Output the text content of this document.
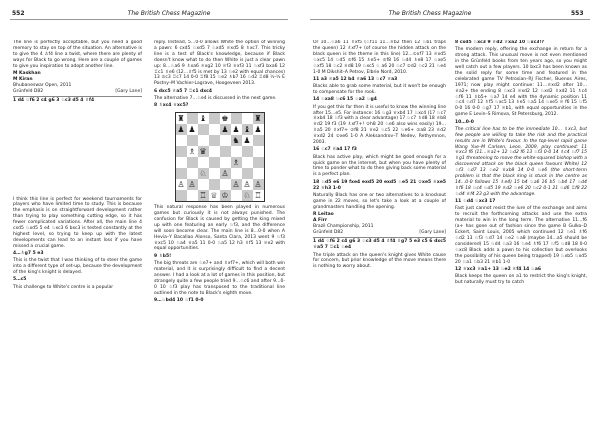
552	The British Chess Magazine	The British Chess Magazine	553

The line is perfectly acceptable, but you need a good memory to stay on top of the situation. An alternative is to give the 4 ♙f4 line a twist, where there are plenty of ways for Black to go wrong. Here are a couple of games to give you inspiration to adopt another line.

M Kaskhan
M Kiran
Bhubaneswar Open, 2011
Grünfeld D82	[Gary Lane]

1 d4 ♘f6 2 c4 g6 3 ♘c3 d5 4 ♗f4

I think this line is perfect for weekend tournaments for players who have limited time to study. This is because the emphasis is on straightforward development rather than trying to play something cutting edge, so it has fewer complicated variations. After all, the main line 4 cxd5 ♘xd5 5 e4 ♘xc3 6 bxc3 is tested constantly at the highest level, so trying to keep up with the latest developments can lead to an instant loss if you have missed a crucial game.

4…♗g7 5 e3

This is the twist that I was thinking of to steer the game into a different type of set-up, because the development of the king's knight is delayed.

5…c5

This challenge to White's centre is a popular

reply. Instead, 5…0-0 allows White the option of winning a pawn: 6 cxd5 ♘xd5 7 ♘xd5 ♕xd5 8 ♗xc7. This tricky line is a test of Black's knowledge, because if Black doesn't know what to do then White is just a clear pawn up: 8…♘a6 9 ♗xa6 ♕xg2 10 ♕f3 ♕xf3 11 ♘xf3 bxa6 12 ♖c1 ♗e6 (12…♗f5 is met by 13 ♘e2 with equal chances) 13 ♔c3 ♖c7 14 0-0 ♖f8 15 ♘e2 ♗b7 16 ♘d2 ♖d8 ½-½ E Postny–M Vachier-Lagrave, Hoogeveen 2013.

6 dxc5 ♕a5 7 ♖c1 dxc4

The alternative 7…♘e4 is discussed in the next game.

8 ♗xc4 ♕xc5?

♜ ♝ ♚	♜
♟ ♟	♟ ♟ ♝ ♟
♞ ♟
♗ ♛
♗
♘ ♙
♙ ♙	♙ ♙ ♙
♖ ♕ ♔ ♘ ♖

This natural response has been played in numerous games but curiously it is not always punished. The confusion for Black is caused by getting the king mixed up with one featuring an early ♘f3, and the difference will soon become clear. The main line is 8…0-0 when A Hevia–Y Bacallao Alonso, Santa Clara, 2013 went 9 ♘f3 ♕xc5 10 ♘a4 ♕a5 11 0-0 ♘a5 12 h3 ♗f5 13 ♕e2 with equal opportunities.

9 ♗b5!

The big threats are ♘e7+ and ♗xf7+, which will both win material, and it is surprisingly difficult to find a decent answer. I had a look at a lot of games in this position, but strangely quite a few people tried 9…♘c6 and after 9…0-0 10 ♘f3 play has transposed to the traditional line outlined in the note to Black's eighth move.

9…♘bd4 10 ♘f1 0-0

Or 10…♘a6 11 ♗xf5 (♘f11 11…♕b2 then 12 ♘b1 traps the queen) 12 ♗xf7+ (of course the hidden attack on the black queen is the theme in this line) 12…♔xf7 13 ♕xd5 ♘xc5 14 ♘d5 ♔f6 15 ♗e5+ ♔f8 16 ♘d4 ♗e8 17 ♘xe5 ♘xf5 18 ♘c2 ♕d8 19 ♘xc5 ♘ a6 20 ♘c7 ♔d2 ♘c2 21 ♘e4 1-0 M Dikshit–A Petrov, Elbrie Nord, 2010.

11 a3 ♕a5 12 b4 ♕a6 13 ♘c7 ♕a3

Blacks able to grab some material, but it won't be enough to compensate for the rook.

14 ♘xa8 ♘c6 15 ♘a2 ♘g4

If you get this far then it is useful to know the winning line after 15…e5. For instance: 16 ♘g3 ♕xb4 17 ♘xc4 (17 ♘c7 ♕xb4 18 ♘f3 with a clear advantage) 17 ♘c7 ♗d8 18 ♕b8 ♕d2 19 f3 (19 ♗xf7+! ♔h8 20 ♘e6 also wins easily) 19…♗a5 20 ♗xf7+ ♔f8 21 ♕e2 ♘c5 22 ♘e6+ ♔a8 23 ♕d2 ♕xd2 24 ♔xe6 1-0 A Aleksandrov–T Nedev, Rethymnon, 2003.

16 ♘c7 ♕a4 17 f3

Black has active play, which might be good enough for a quick game on the internet, but when you have plenty of time to ponder what to do then giving back some material is a perfect plan.

18 ♘d5 e6 19 fxe4 exd5 20 exd5 ♘e5 21 ♔xe5 ♕xe5 22 ♕h3 1-0

Naturally Black has one or two alternatives to a knockout game in 22 moves, so let's take a look at a couple of grandmasters handling the opening.

R Leitao
A Firr
Brazil Championship, 2011
Grünfeld D82	[Gary Lane]

1 d4 ♘f6 2 c4 g6 3 ♘c3 d5 4 ♗f4 ♗g7 5 e3 c5 6 dxc5 ♕a5 7 ♖c1 ♘e4

The triple attack on the queen's knight gives White cause for concern, but prior knowledge of the move means there is nothing to worry about.

8 cxd5 ♘xc3 9 ♕d2 ♕xa2 10 ♘xc3!?

The modern reply, offering the exchange in return for a strong attack. This unusual move is not even mentioned in the Grünfeld books from ten years ago, so you might well catch out a few players. 10 bxc3 has been known as the solid reply for some time and featured in the celebrated game TV Petrosian–RJ Fischer, Buenos Aires, 1971; now play might continue: 11…♕xd2 after 10…♕a2+ the ending 8 ♘xc3 ♕xd2 12 ♘xd2 ♗xd2 11 ♗c4 ♘f6 11 ♗b5+ ♘a7 14 e4 with the dynamic position 11 ♘c4 ♘d7 12 ♗f5 ♘xc5 13 ♗e5 ♘a5 14 ♘xe5 ♕ f6 15 ♘f5 0-0 16 0-0 ♘g7 17 ♕b1, with equal opportunities in the game E Levin–S Rimova, St Petersburg, 2012.

10…0-0

The critical line has to be the immediate 10… ♗xc3, but few people are willing to take the risk and the practical results are in White's favour. In the top-level rapid game Wang Yue–M Carlsen, Leon, 2009, play continued: 11 ♕xc3 f6 (11…♕a1+ 12 ♘d2 f6 13 ♘f3 0-0 14 ♗c4 ♘f7 15 ♗g1 threatening to move the white-squared bishop with a discovered attack on the black queen favours White) 12 ♘f3 ♘d7 13 ♘e2 ♕xb8 14 0-0 ♘e6 (the short-term problem is that the black king is stuck in the centre as 14…0-0 follows 15 ♗e4) 15 b4 ♘a6 16 b5 ♘b4 17 ♘d4 ♗f6 18 ♘c4 ♘d5 19 ♕d2 ♘e6 20 ♘c2 0-1 21 ♘d6 ♖f8 22 ♘d4 ♕f4 23 g3 with the advantage.

11 ♘d4 ♘xc3 17

Fast just cannot resist the lure of the exchange and aims to recruit the forthcoming attacks and use the extra material to win in the long term. The alternative 11…f6 (a+ has gone out of fashion since the game B Gulko–D Eckert, Saint Louis, 2005 which continued 12 ♘e1 ♗f6 ♘d2 13 ♘f3 ♘d7 14 ♘e2 ♘a8 (maybe 14…a5 should be considered) 15 ♘d4 ♘a3 16 ♘e4 ♗f6 17 ♘f5 ♘d8 18 0-0 ♘xc8 Black adds a pawn to his collection but overlooks the possibility of his queen being trapped) 19 ♘xb5 ♘xd5 20 ♘a1 ♘b3 21 ♕b1 1-0

12 ♕xc3 ♕a1+ 13 ♘e2 ♕f4 14 ♘a6

Black keeps the queen on a1 to restrict the king's knight, but naturally must try to catch
